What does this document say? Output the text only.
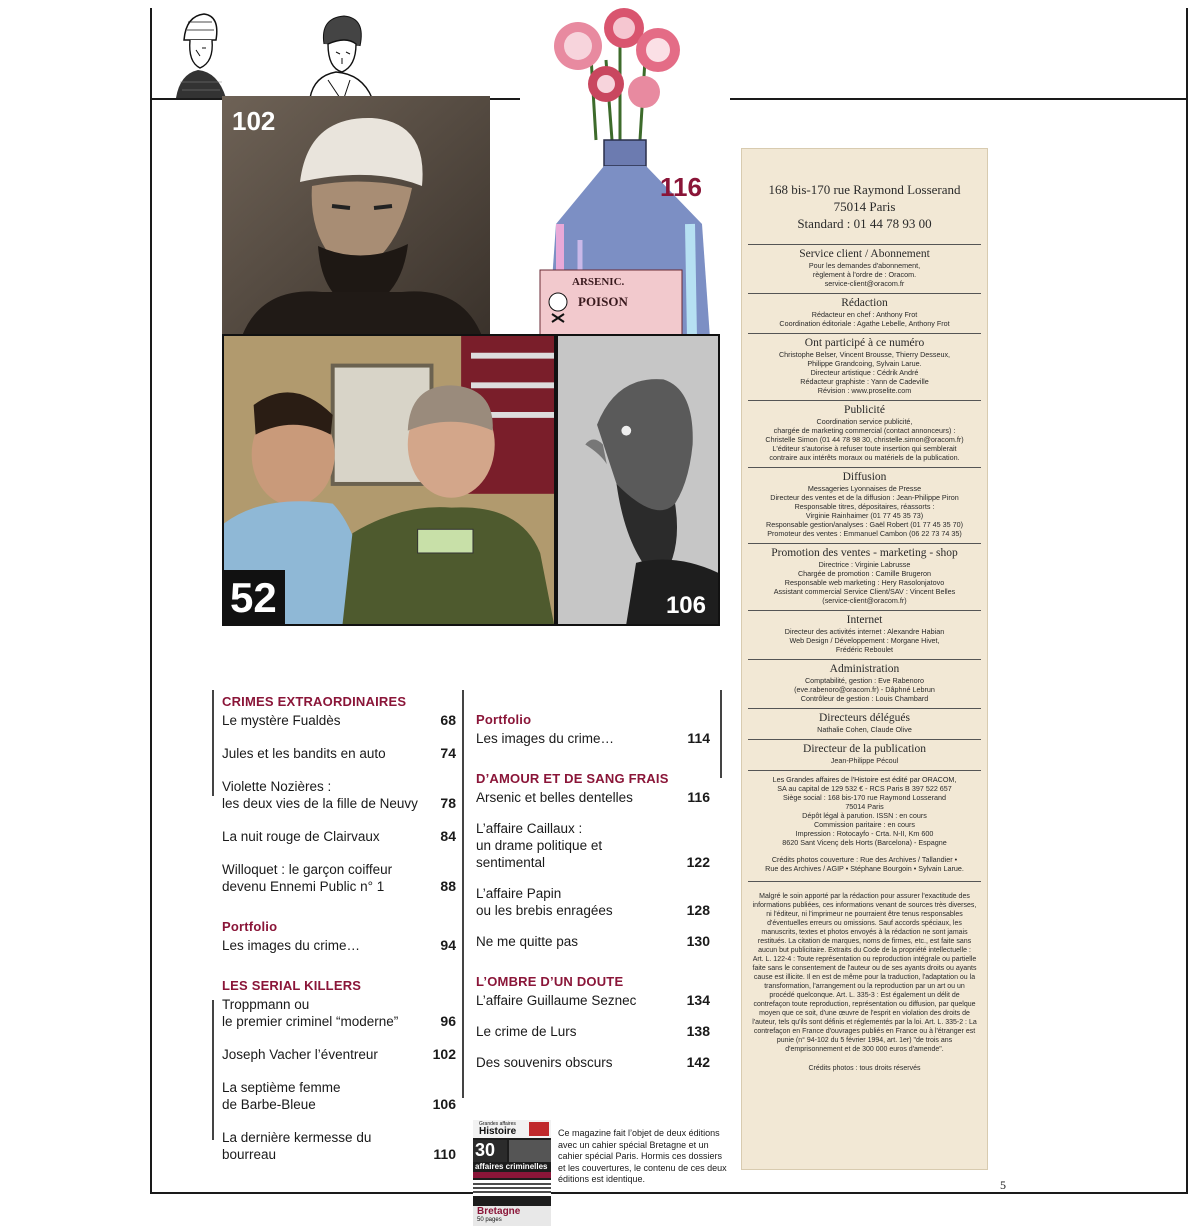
102
ARSENIC.
POISON
116
52	106
168 bis-170 rue Raymond Losserand
75014 Paris
Standard : 01 44 78 93 00
Service client / Abonnement
Pour les demandes d'abonnement,
règlement à l'ordre de : Oracom.
service-client@oracom.fr
Rédaction
Rédacteur en chef : Anthony Frot
Coordination éditoriale : Agathe Lebelle, Anthony Frot
Ont participé à ce numéro
Christophe Belser, Vincent Brousse, Thierry Desseux,
Philippe Grandcoing, Sylvain Larue.
Directeur artistique : Cédrik André
Rédacteur graphiste : Yann de Cadeville
Révision : www.proselite.com
Publicité
Coordination service publicité,
chargée de marketing commercial (contact annonceurs) :
Christelle Simon (01 44 78 98 30, christelle.simon@oracom.fr)
L'éditeur s'autorise à refuser toute insertion qui semblerait
contraire aux intérêts moraux ou matériels de la publication.
Diffusion
Messageries Lyonnaises de Presse
Directeur des ventes et de la diffusion : Jean-Philippe Piron
Responsable titres, dépositaires, réassorts :
Virginie Rainhaimer (01 77 45 35 73)
Responsable gestion/analyses : Gaël Robert (01 77 45 35 70)
Promoteur des ventes : Emmanuel Cambon (06 22 73 74 35)
Promotion des ventes - marketing - shop
Directrice : Virginie Labrusse
Chargée de promotion : Camille Brugeron
Responsable web marketing : Hery Rasolonjatovo
Assistant commercial Service Client/SAV : Vincent Belles
(service-client@oracom.fr)
Internet
Directeur des activités internet : Alexandre Habian
Web Design / Développement : Morgane Hivet,
Frédéric Reboulet
Administration
Comptabilité, gestion : Eve Rabenoro
(eve.rabenoro@oracom.fr) - Dâphné Lebrun
Contrôleur de gestion : Louis Chambard
Directeurs délégués
Nathalie Cohen, Claude Olive
Directeur de la publication
Jean-Philippe Pécoul
Les Grandes affaires de l'Histoire est édité par ORACOM,
SA au capital de 129 532 € - RCS Paris B 397 522 657
Siège social : 168 bis-170 rue Raymond Losserand
75014 Paris
Dépôt légal à parution. ISSN : en cours
Commission paritaire : en cours
Impression : Rotocayfo - Crta. N-II, Km 600
8620 Sant Vicenç dels Horts (Barcelona) - Espagne
Crédits photos couverture : Rue des Archives / Tallandier •
Rue des Archives / AGIP • Stéphane Bourgoin • Sylvain Larue.
Malgré le soin apporté par la rédaction pour assurer l'exactitude des informations publiées, ces informations venant de sources très diverses, ni l'éditeur, ni l'imprimeur ne pourraient être tenus responsables d'éventuelles erreurs ou omissions. Sauf accords spéciaux, les manuscrits, textes et photos envoyés à la rédaction ne sont jamais restitués. La citation de marques, noms de firmes, etc., est faite sans aucun but publicitaire. Extraits du Code de la propriété intellectuelle : Art. L. 122-4 : Toute représentation ou reproduction intégrale ou partielle faite sans le consentement de l'auteur ou de ses ayants droits ou ayants cause est illicite. Il en est de même pour la traduction, l'adaptation ou la transformation, l'arrangement ou la reproduction par un art ou un procédé quelconque. Art. L. 335-3 : Est également un délit de contrefaçon toute reproduction, représentation ou diffusion, par quelque moyen que ce soit, d'une œuvre de l'esprit en violation des droits de l'auteur, tels qu'ils sont définis et réglementés par la loi. Art. L. 335-2 : La contrefaçon en France d'ouvrages publiés en France ou à l'étranger est punie (n° 94-102 du 5 février 1994, art. 1er) "de trois ans d'emprisonnement et de 300 000 euros d'amende".
Crédits photos : tous droits réservés
CRIMES EXTRAORDINAIRES
Le mystère Fualdès	68
Jules et les bandits en auto	74
Violette Nozières :
les deux vies de la fille de Neuvy	78
La nuit rouge de Clairvaux	84
Willoquet : le garçon coiffeur
devenu Ennemi Public n° 1	88
Portfolio
Les images du crime…	94
LES SERIAL KILLERS
Troppmann ou
le premier criminel “moderne”	96
Joseph Vacher l’éventreur	102
La septième femme
de Barbe-Bleue	106
La dernière kermesse du bourreau	110
Portfolio
Les images du crime…	114
D’AMOUR ET DE SANG FRAIS
Arsenic et belles dentelles	116
L’affaire Caillaux :
un drame politique et sentimental	122
L’affaire Papin
ou les brebis enragées	128
Ne me quitte pas	130
L’OMBRE D’UN DOUTE
L’affaire Guillaume Seznec	134
Le crime de Lurs	138
Des souvenirs obscurs	142
Grandes affaires
Histoire
30
affaires criminelles
Bretagne
50 pages
Ce magazine fait l’objet de deux éditions avec un cahier spécial Bretagne et un cahier spécial Paris. Hormis ces dossiers et les couvertures, le contenu de ces deux éditions est identique.	5
